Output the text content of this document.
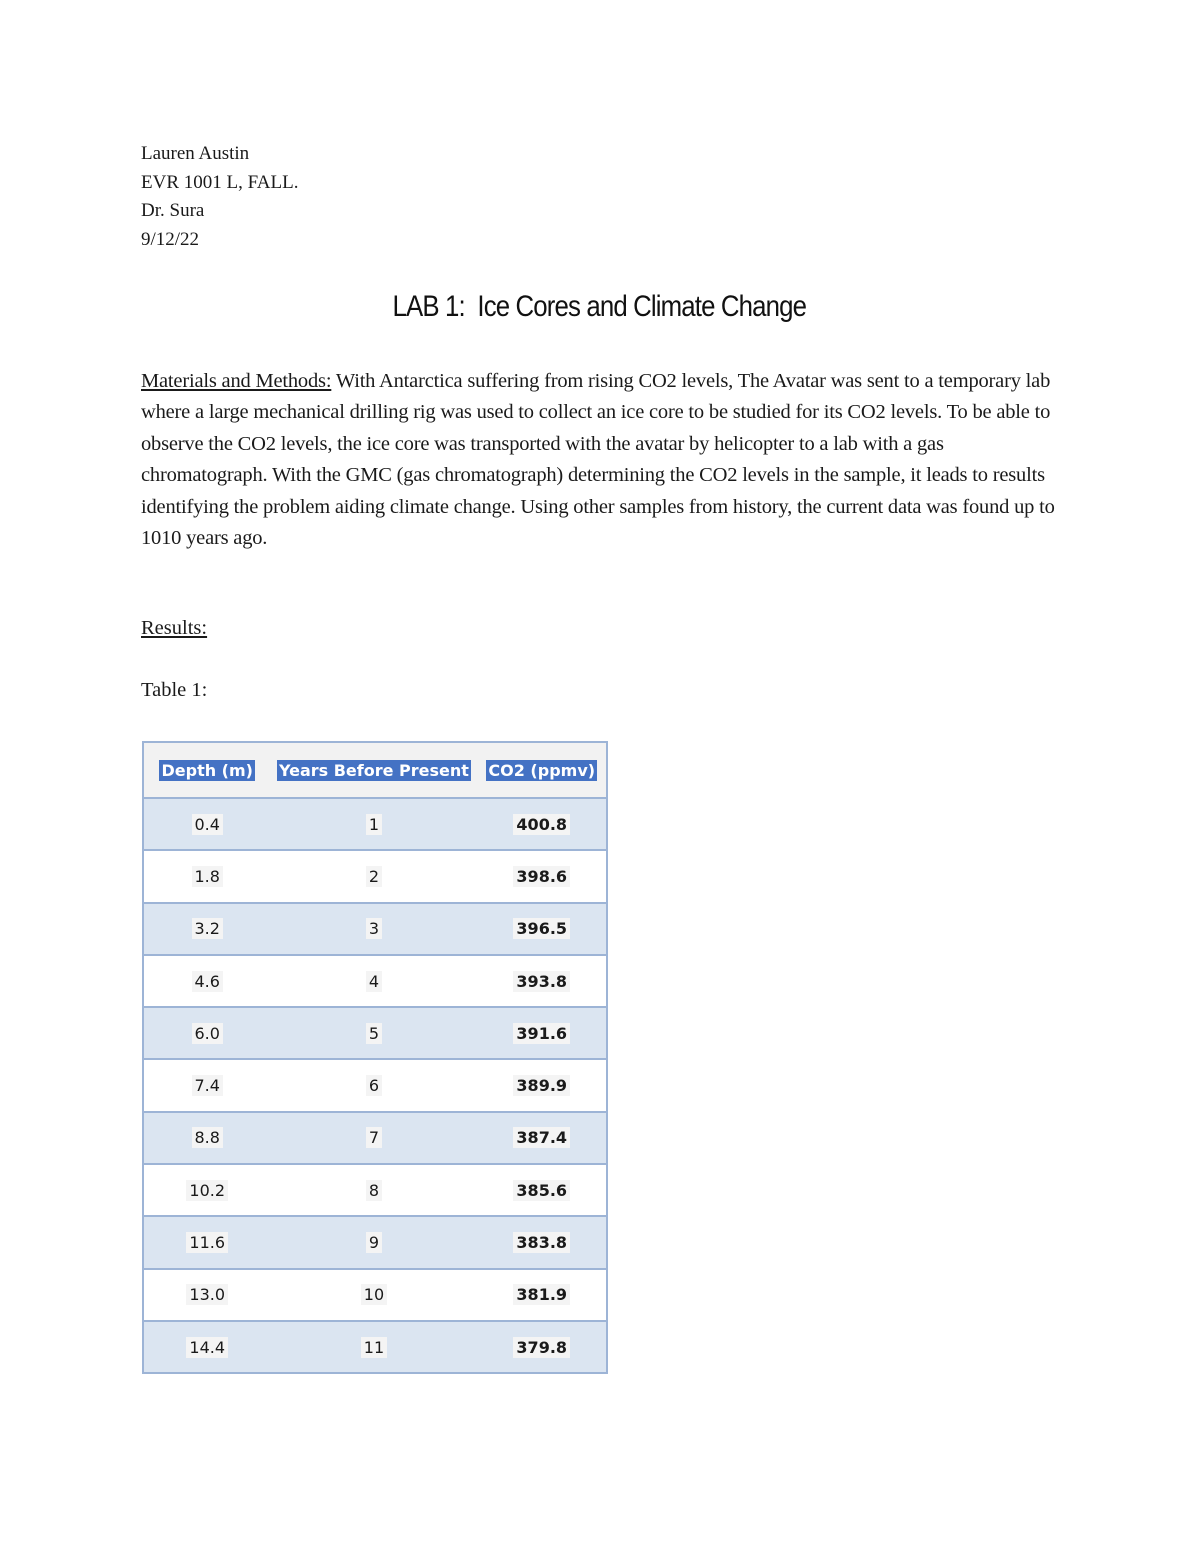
Lauren Austin
EVR 1001 L, FALL.
Dr. Sura
9/12/22
LAB 1:  Ice Cores and Climate Change
Materials and Methods: With Antarctica suffering from rising CO2 levels, The Avatar was sent to a temporary lab where a large mechanical drilling rig was used to collect an ice core to be studied for its CO2 levels. To be able to observe the CO2 levels, the ice core was transported with the avatar by helicopter to a lab with a gas chromatograph. With the GMC (gas chromatograph) determining the CO2 levels in the sample, it leads to results identifying the problem aiding climate change. Using other samples from history, the current data was found up to 1010 years ago.
Results:
Table 1:
Depth (m)	Years Before Present	CO2 (ppmv)
0.4	1	400.8
1.8	2	398.6
3.2	3	396.5
4.6	4	393.8
6.0	5	391.6
7.4	6	389.9
8.8	7	387.4
10.2	8	385.6
11.6	9	383.8
13.0	10	381.9
14.4	11	379.8
